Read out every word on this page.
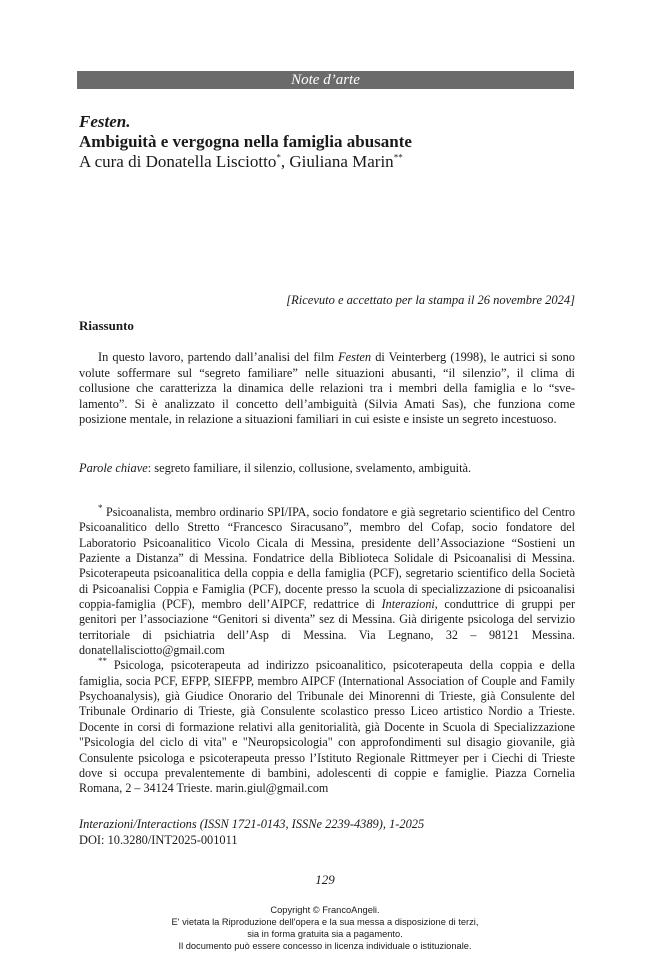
Note d’arte

Festen.

Ambiguità e vergogna nella famiglia abusante

A cura di Donatella Lisciotto*, Giuliana Marin**

[Ricevuto e accettato per la stampa il 26 novembre 2024]
Riassunto

In questo lavoro, partendo dall’analisi del film Festen di Veinterberg (1998), le autrici si sono volute soffermare sul “segreto familiare” nelle situazioni abusanti, “il silenzio”, il clima di collusione che caratterizza la dinamica delle relazioni tra i membri della famiglia e lo “svelamento”. Si è analizzato il concetto dell’ambiguità (Silvia Amati Sas), che funziona come posizione mentale, in relazione a situazioni familiari in cui esiste e insiste un segreto incestuoso.

Parole chiave: segreto familiare, il silenzio, collusione, svelamento, ambiguità.

* Psicoanalista, membro ordinario SPI/IPA, socio fondatore e già segretario scientifico del Centro Psicoanalitico dello Stretto “Francesco Siracusano”, membro del Cofap, socio fondatore del Laboratorio Psicoanalitico Vicolo Cicala di Messina, presidente dell’Associazione “Sostieni un Paziente a Distanza” di Messina. Fondatrice della Biblioteca Solidale di Psicoanalisi di Messina. Psicoterapeuta psicoanalitica della coppia e della famiglia (PCF), segretario scientifico della Società di Psicoanalisi Coppia e Famiglia (PCF), docente presso la scuola di specializzazione di psicoanalisi coppia-famiglia (PCF), membro dell’AIPCF, redattrice di Interazioni, conduttrice di gruppi per genitori per l’associazione “Genitori si diventa” sez di Messina. Già dirigente psicologa del servizio territoriale di psichiatria dell’Asp di Messina. Via Legnano, 32 – 98121 Messina. donatellalisciotto@gmail.com

** Psicologa, psicoterapeuta ad indirizzo psicoanalitico, psicoterapeuta della coppia e della famiglia, socia PCF, EFPP, SIEFPP, membro AIPCF (International Association of Couple and Family Psychoanalysis), già Giudice Onorario del Tribunale dei Minorenni di Trieste, già Consulente del Tribunale Ordinario di Trieste, già Consulente scolastico presso Liceo artistico Nordio a Trieste. Docente in corsi di formazione relativi alla genitorialità, già Docente in Scuola di Specializzazione "Psicologia del ciclo di vita" e "Neuropsicologia" con approfondimenti sul disagio giovanile, già Consulente psicologa e psicoterapeuta presso l’Istituto Regionale Rittmeyer per i Ciechi di Trieste dove si occupa prevalentemente di bambini, adolescenti di coppie e famiglie. Piazza Cornelia Romana, 2 – 34124 Trieste. marin.giul@gmail.com

Interazioni/Interactions (ISSN 1721-0143, ISSNe 2239-4389), 1-2025
DOI: 10.3280/INT2025-001011
129
Copyright © FrancoAngeli.
E' vietata la Riproduzione dell'opera e la sua messa a disposizione di terzi,
sia in forma gratuita sia a pagamento.
Il documento può essere concesso in licenza individuale o istituzionale.
